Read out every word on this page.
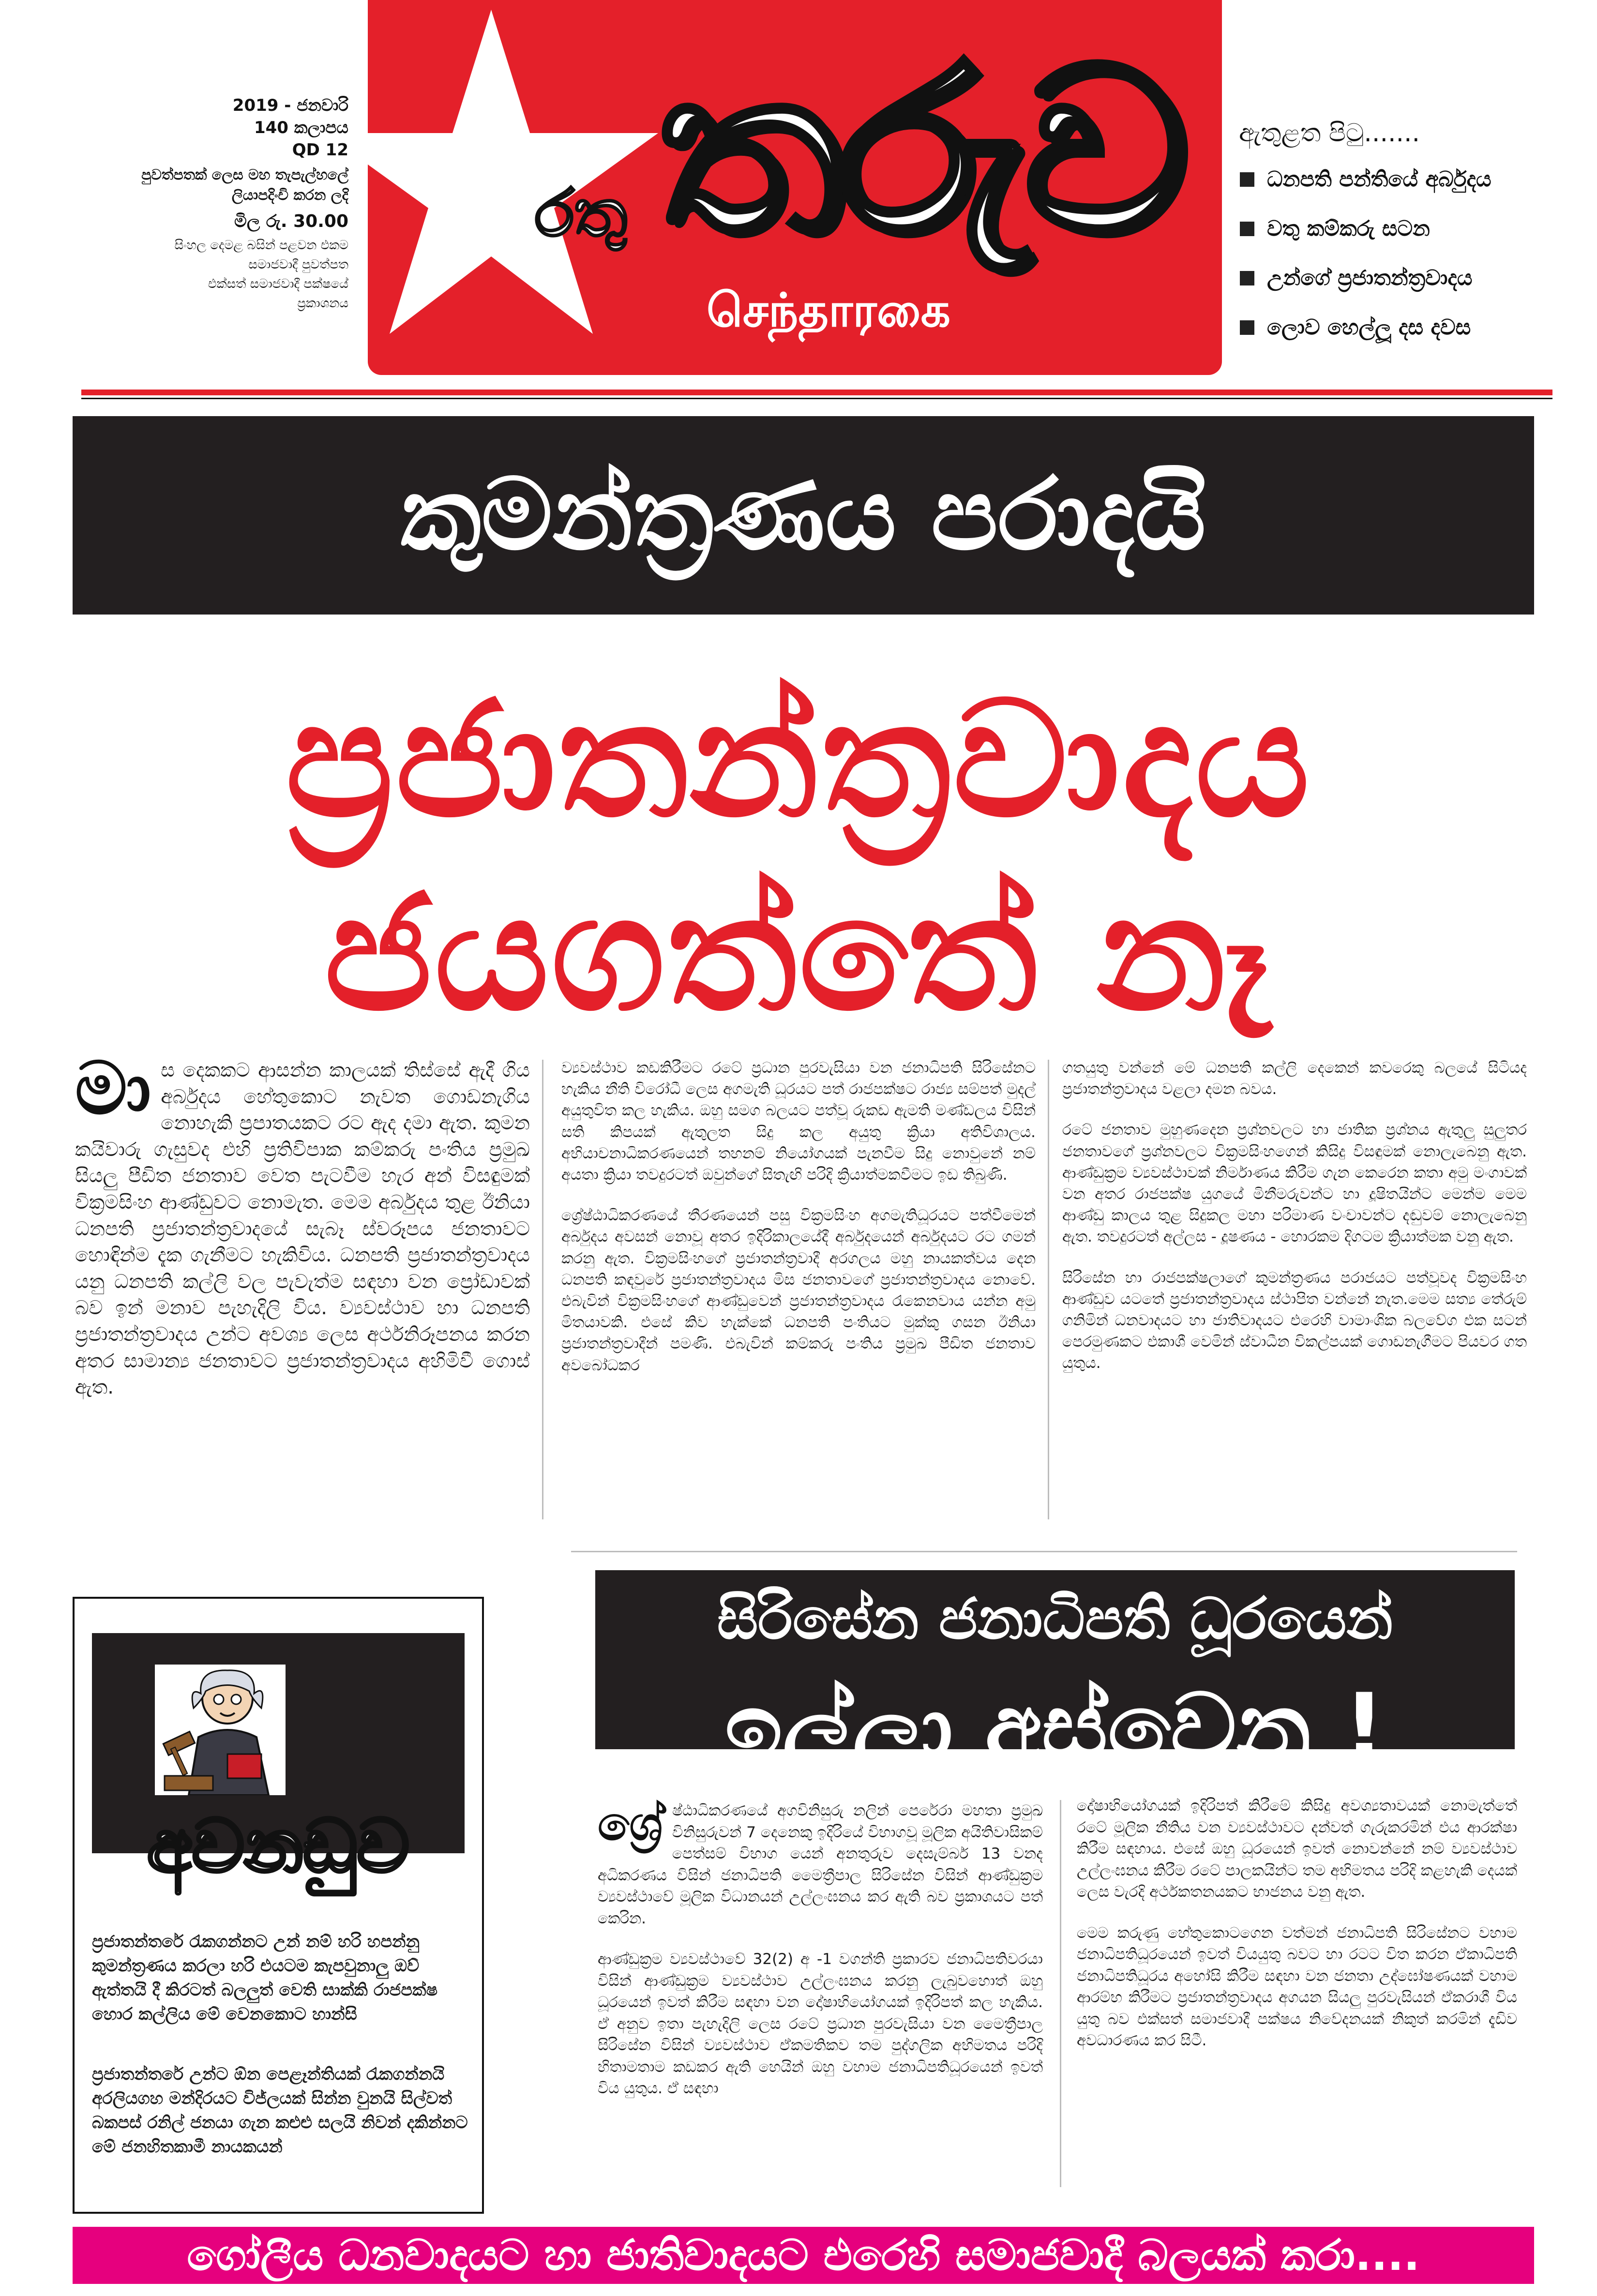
2019 - ජනවාරි
140 කලාපය
QD 12
පුවත්පතක් ලෙස මහ තැපැල්හලේ
ලියාපදිංචි කරන ලදි
මිල රු. 30.00
සිංහල දෙමළ බසින් පළවන එකම
සමාජවාදී පුවත්පත
එක්සත් සමාජවාදී පක්ෂයේ
ප්‍රකාශනය
රතු තරුව
செந்தாரகை
ඇතුළත පිටු.......
ධනපති පන්තියේ අර්බුදය
වතු කම්කරු සටන
උන්ගේ ප්‍රජාතන්ත්‍රවාදය
ලොව හෙල්ලූ දස දවස
කුමන්ත්‍රණය පරාදයි
ප්‍රජාතන්ත්‍රවාදය
ජයගත්තේ නෑ
මා ස දෙකකට ආසන්න කාලයක් තිස්සේ ඇදී ගිය අර්බුදය හේතුකොට නැවත ගොඩනැගිය නොහැකි ප්‍රපාතයකට රට ඇද දමා ඇත. කුමන කයිවාරු ගැසුවද එහි ප්‍රතිවිපාක කම්කරු පංතිය ප්‍රමුඛ සියලු පීඩිත ජනතාව වෙත පැටවීම හැර අන් විසඳුමක් වික්‍රමසිංහ ආණ්ඩුවට නොමැත. මෙම අර්බුදය තුළ ඊනියා ධනපති ප්‍රජාතන්ත්‍රවාදයේ සැබෑ ස්වරූපය ජනතාවට හොඳින්ම දැක ගැනීමට හැකිවිය. ධනපති ප්‍රජාතන්ත්‍රවාදය යනු ධනපති කල්ලි වල පැවැත්ම සඳහා වන ප්‍රෝඩාවක් බව ඉන් මනාව පැහැදිලි විය. ව්‍යවස්ථාව හා ධනපති ප්‍රජාතන්ත්‍රවාදය උන්ට අවශ්‍ය ලෙස අර්ථනිරූපනය කරන අතර සාමාන්‍ය ජනතාවට ප්‍රජාතන්ත්‍රවාදය අහිමිවී ගොස් ඇත.

ව්‍යවස්ථාව කඩකිරීමට රටේ ප්‍රධාන පුරවැසියා වන ජනාධිපති සිරිසේනට හැකිය නීති විරෝධී ලෙස අගමැති ධූරයට පත් රාජපක්ෂට රාජ්‍ය සම්පත් මුදල් අයුතුවිත කල හැකිය. ඔහු සමග බලයට පත්වූ රුකඩ ඇමති මණ්ඩලය විසින් සති කිපයක් ඇතුලත සිදු කල අයුතු ක්‍රියා අතිවිශාලය. අභියාචනාධිකරණයෙන් තහනම් නියෝගයක් පැනවීම සිදු නොවුනේ නම් අයතා ක්‍රියා තවදුරටත් ඔවුන්ගේ සිතැඟි පරිදි ක්‍රියාත්මකවීමට ඉඩ තිබුණි.

ශ්‍රේෂ්ඨාධිකරණයේ තීරණයෙන් පසු වික්‍රමසිංහ අගමැතිධූරයට පත්වීමෙන් අර්බුදය අවසන් නොවූ අතර ඉදිරිකාලයේදී අර්බුදයෙන් අර්බුදයට රට ගමන් කරනු ඇත. වික්‍රමසිංහගේ ප්‍රජාතන්ත්‍රවාදී අරගලය මහු නායකත්වය දෙන ධනපති කඳවුරේ ප්‍රජාතන්ත්‍රවාදය මිස ජනතාවගේ ප්‍රජාතන්ත්‍රවාදය නොවේ. එබැවින් වික්‍රමසිංහගේ ආණ්ඩුවෙන් ප්‍රජාතන්ත්‍රවාදය රැකෙනවාය යන්න අමු මිතයාවකි. එසේ කිව හැක්කේ ධනපති පංතියට මුක්කු ගසන ඊනියා ප්‍රජාතන්ත්‍රවාදීන් පමණි. එබැවින් කම්කරු පංතිය ප්‍රමුඛ පීඩිත ජනතාව අවබෝධකර

ගතයුතු වන්නේ මේ ධනපති කල්ලි දෙකෙන් කවරෙකු බලයේ සිටියද ප්‍රජාතන්ත්‍රවාදය වළලා දමන බවය.

රටේ ජනතාව මුහුණදෙන ප්‍රශ්නවලට හා ජාතික ප්‍රශ්නය ඇතුලු සුලුතර ජනතාවගේ ප්‍රශ්නවලට වික්‍රමසිංහගෙන් කිසිදු විසඳුමක් නොලැබෙනු ඇත. ආණ්ඩුක්‍රම ව්‍යවස්ථාවක් නිර්මාණය කිරීම ගැන කෙරෙන කතා අමු මංගාවක් වන අතර රාජපක්ෂ යුගයේ මිනීමරුවන්ට හා දූෂිතයින්ට මෙන්ම මෙම ආණ්ඩු කාලය තුළ සිදුකල මහා පරිමාණ වංචාවන්ට දඬුවම් නොලැබෙනු ඇත. තවදුරටත් අල්ලස - දූෂණය - හොරකම දිගටම ක්‍රියාත්මක වනු ඇත.

සිරිසේන හා රාජපක්ෂලාගේ කුමන්ත්‍රණය පරාජයට පත්වූවද වික්‍රමසිංහ ආණ්ඩුව යටතේ ප්‍රජාතන්ත්‍රවාදය ස්ථාපිත වන්නේ නැත.මෙම සත්‍ය තේරුම් ගනිමින් ධනවාදයට හා ජාතිවාදයට එරෙහි වාමාංශික බලවේග එක සටන් පෙරමුණකට එකාශී වෙමින් ස්වාධීන විකල්පයක් ගොඩනැගීමට පියවර ගත යුතුය.

අවනඩුව
ප්‍රජාතන්තරේ රැකගන්නට උන් නම් හරි හපන්නු කුමන්ත්‍රණය කරලා හරි එයටම කැපවුනාලු ඔව් ඇත්තයි දී කිරටත් බලලුත් වෙති සාක්කි රාජපක්ෂ හොර කල්ලිය මේ වෙනකොට හාන්සි
ප්‍රජාතන්තරේ උන්ට ඕන පෙළෑන්තියක් රැකගන්නයි අරලියගහ මන්දිරයට විජ්ලයක් සින්න වුනයි සිල්වත් බකපස් රනිල් ජනයා ගැන කළුළු සලයි නිවන් දකින්නට මේ ජනහිතකාමී නායකයන්
සිරිසේන ජනාධිපති ධූරයෙන්
ඉල්ලා අස්වෙනු !

ශ්‍රේ ෂ්ඨාධිකරණයේ අගවිනිසුරු නලින් පෙරේරා මහතා ප්‍රමුඛ විනිසුරුවන් 7 දෙනෙකු ඉදිරියේ විභාගවූ මූලික අයිතිවාසිකම් පෙත්සම් විභාග යෙන් අනතුරුව දෙසැම්බර් 13 වනද අධිකරණය විසින් ජනාධිපති මෛත්‍රීපාල සිරිසේන විසින් ආණ්ඩුක්‍රම ව්‍යවස්ථාවේ මූලික විධානයන් උල්ලංඝනය කර ඇති බව ප්‍රකාශයට පත් කෙරින.

ආණ්ඩුක්‍රම ව්‍යවස්ථාවේ 32(2) අ -1 වගන්ති ප්‍රකාරව ජනාධිපතිවරයා විසින් ආණ්ඩුක්‍රම ව්‍යවස්ථාව උල්ලංඝනය කරනු ලැබුවහොත් ඔහු ධූරයෙන් ඉවත් කිරීම සඳහා වන දෝෂාභියෝගයක් ඉදිරිපත් කල හැකිය. ඒ අනුව ඉතා පැහැදිලි ලෙස රටේ ප්‍රධාන පුරවැසියා වන මෛත්‍රීපාල සිරිසේන විසින් ව්‍යවස්ථාව ඒකමතිකව තම පුද්ගලික අභිමතය පරිදි හිතාමතාම කඩකර ඇති හෙයින් ඔහු වහාම ජනාධිපතිධූරයෙන් ඉවත් විය යුතුය. ඒ සඳහා

දෝෂාභියෝගයක් ඉදිරිපත් කිරීමේ කිසිදු අවශ්‍යතාවයක් නොමැත්තේ රටේ මූලික නීතිය වන ව්‍යවස්ථාවට දන්වත් ගැරුකරමින් එය ආරක්ෂා කිරීම සඳහාය. එසේ ඔහු ධූරයෙන් ඉවත් නොවන්නේ නම් ව්‍යවස්ථාව උල්ලංඝනය කිරීම රටේ පාලකයින්ට තම අභිමතය පරිදි කළහැකි දෙයක් ලෙස වැරදි අර්ථකතනයකට භාජනය වනු ඇත.

මෙම කරුණු හේතුකොටගෙන වත්මන් ජනාධිපති සිරිසේනට වහාම ජනාධිපතිධූරයෙන් ඉවත් වියයුතු බවට හා රටට විත කරන ඒකාධිපති ජනාධිපතිධූරය අහෝසි කිරීම සඳහා වන ජනතා උද්ඝෝෂණයක් වහාම ආරම්භ කිරීමට ප්‍රජාතන්ත්‍රවාදය අගයන සියලු පුරවැසියන් ඒකරාශී විය යුතු බව එක්සත් සමාජවාදී පක්ෂය නිවේදනයක් නිකුත් කරමින් දැඩිව අවධාරණය කර සිටී.

ගෝලීය ධනවාදයට හා ජාතිවාදයට එරෙහි සමාජවාදී බලයක් කරා....
